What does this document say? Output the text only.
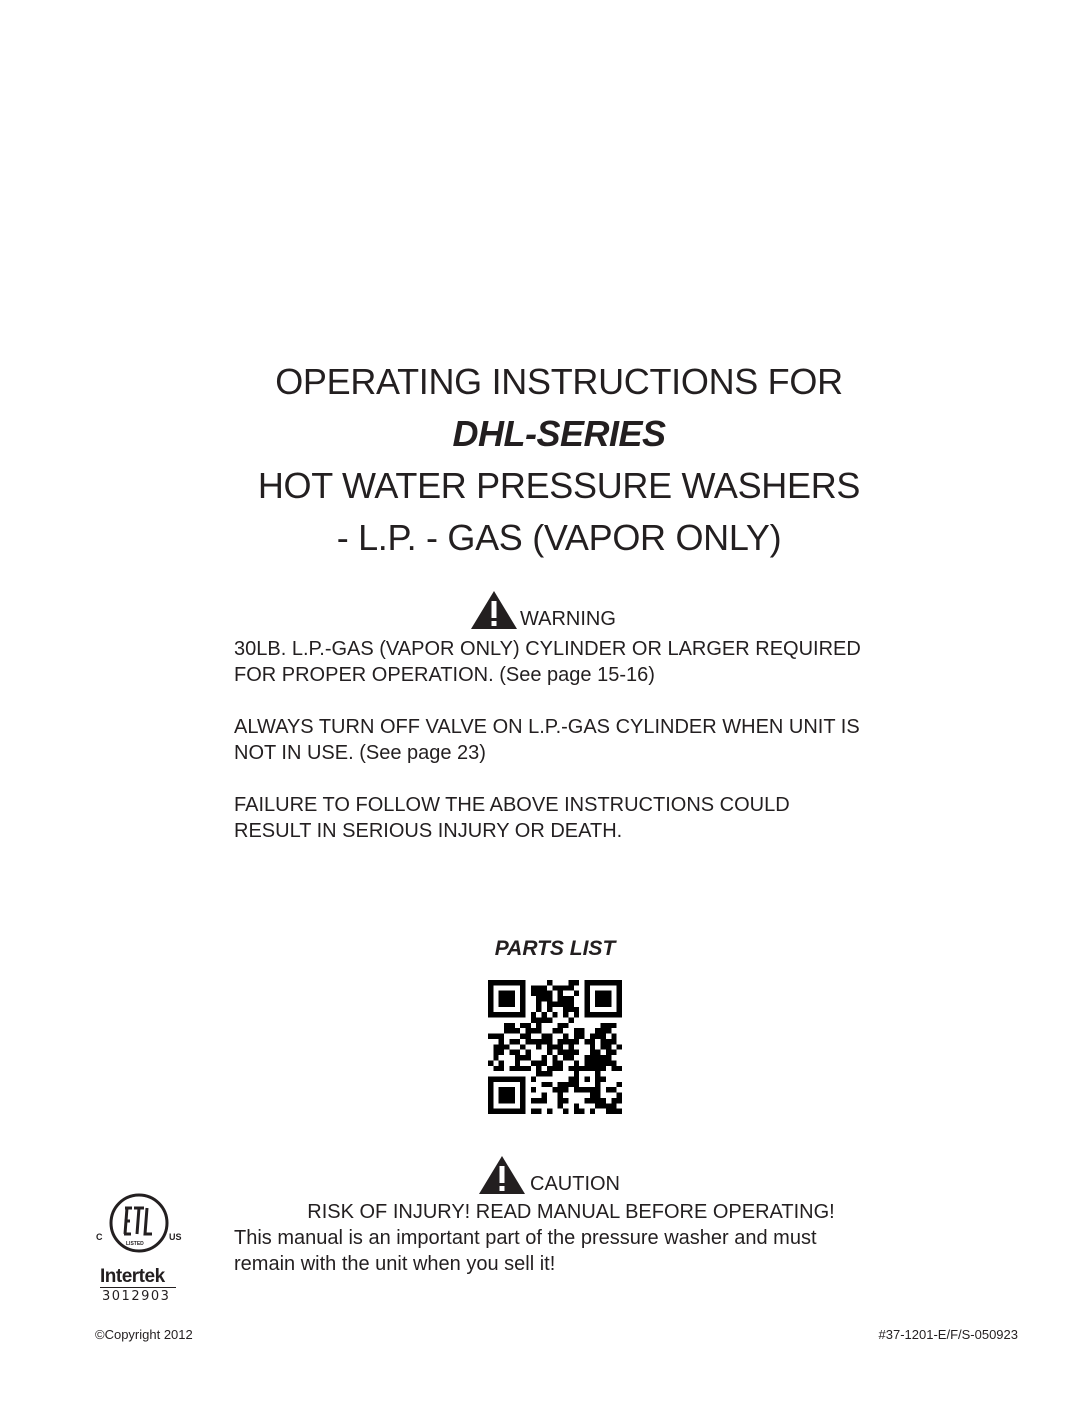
OPERATING INSTRUCTIONS FOR
DHL-SERIES
HOT WATER PRESSURE WASHERS
- L.P. - GAS (VAPOR ONLY)
WARNING

30LB. L.P.-GAS (VAPOR ONLY) CYLINDER OR LARGER REQUIRED
FOR PROPER OPERATION. (See page 15-16)

ALWAYS TURN OFF VALVE ON L.P.-GAS CYLINDER WHEN UNIT IS
NOT IN USE. (See page 23)

FAILURE TO FOLLOW THE ABOVE INSTRUCTIONS COULD
RESULT IN SERIOUS INJURY OR DEATH.

PARTS LIST
CAUTION
RISK OF INJURY! READ MANUAL BEFORE OPERATING!
This manual is an important part of the pressure washer and must
remain with the unit when you sell it!
C	US
LISTED
Intertek
3012903
©Copyright 2012	#37-1201-E/F/S-050923
